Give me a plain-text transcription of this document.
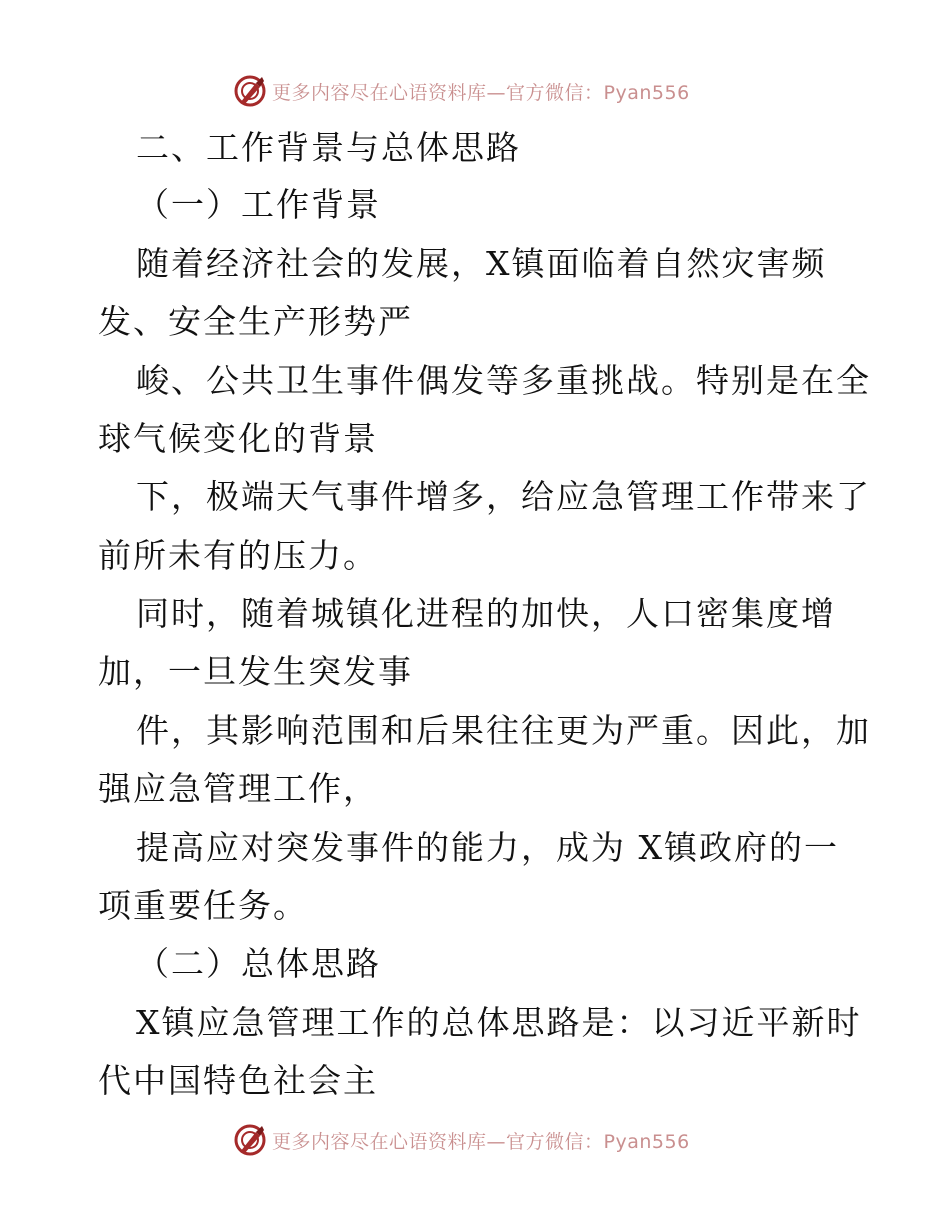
更多内容尽在心语资料库—官方微信：Pyan556
二、工作背景与总体思路
（一）工作背景
随着经济社会的发展，X镇面临着自然灾害频
发、安全生产形势严
峻、公共卫生事件偶发等多重挑战。特别是在全
球气候变化的背景
下，极端天气事件增多，给应急管理工作带来了
前所未有的压力。
同时，随着城镇化进程的加快，人口密集度增
加，一旦发生突发事
件，其影响范围和后果往往更为严重。因此，加
强应急管理工作，
提高应对突发事件的能力，成为 X镇政府的一
项重要任务。
（二）总体思路
X镇应急管理工作的总体思路是：以习近平新时
代中国特色社会主
更多内容尽在心语资料库—官方微信：Pyan556
